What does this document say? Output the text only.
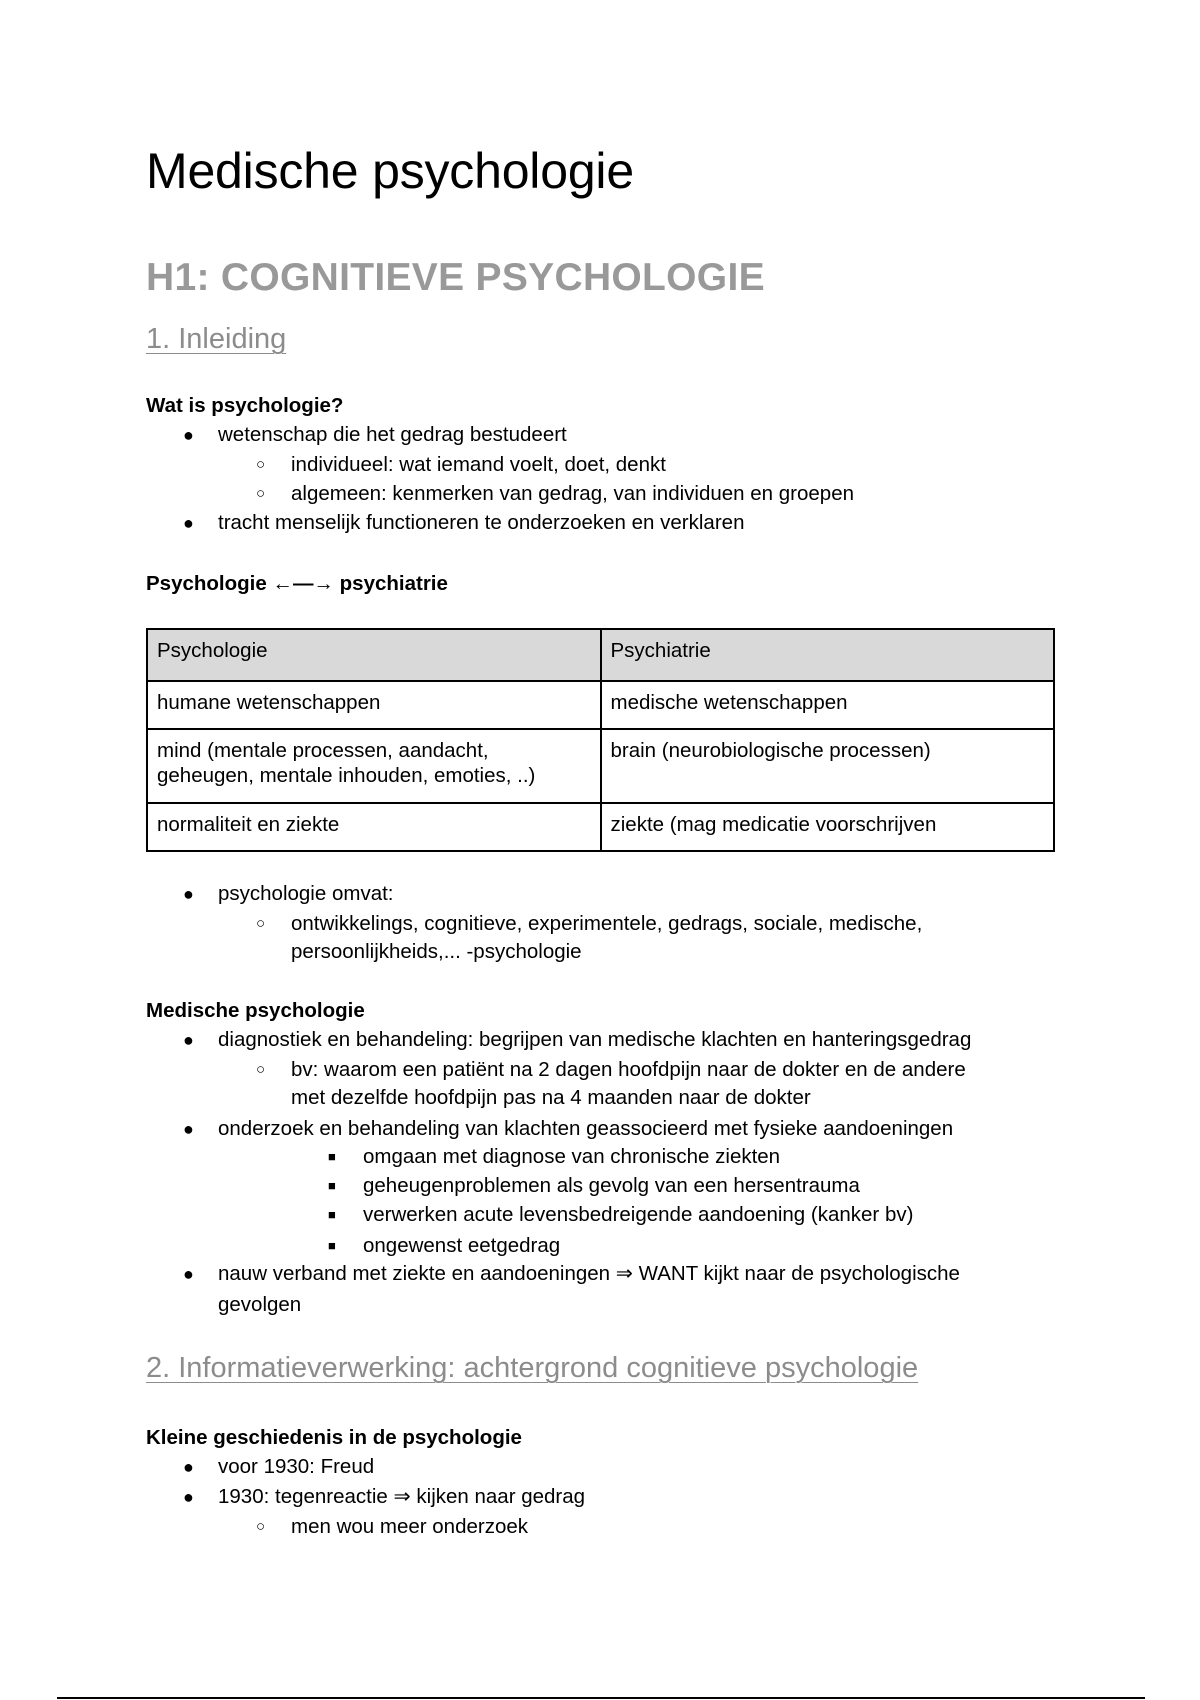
Medische psychologie
H1: COGNITIEVE PSYCHOLOGIE
1. Inleiding

Wat is psychologie?

● wetenschap die het gedrag bestudeert

○ individueel: wat iemand voelt, doet, denkt

○ algemeen: kenmerken van gedrag, van individuen en groepen

● tracht menselijk functioneren te onderzoeken en verklaren

Psychologie ←—→ psychiatrie

Psychologie	Psychiatrie
humane wetenschappen	medische wetenschappen
mind (mentale processen, aandacht, geheugen, mentale inhouden, emoties, ..)	brain (neurobiologische processen)
normaliteit en ziekte	ziekte (mag medicatie voorschrijven

● psychologie omvat:

○ ontwikkelings, cognitieve, experimentele, gedrags, sociale, medische,

persoonlijkheids,... -psychologie

Medische psychologie

● diagnostiek en behandeling: begrijpen van medische klachten en hanteringsgedrag

○ bv: waarom een patiënt na 2 dagen hoofdpijn naar de dokter en de andere

met dezelfde hoofdpijn pas na 4 maanden naar de dokter

● onderzoek en behandeling van klachten geassocieerd met fysieke aandoeningen

■ omgaan met diagnose van chronische ziekten

■ geheugenproblemen als gevolg van een hersentrauma

■ verwerken acute levensbedreigende aandoening (kanker bv)

■ ongewenst eetgedrag

● nauw verband met ziekte en aandoeningen ⇒ WANT kijkt naar de psychologische

gevolgen

2. Informatieverwerking: achtergrond cognitieve psychologie

Kleine geschiedenis in de psychologie

● voor 1930: Freud

● 1930: tegenreactie ⇒ kijken naar gedrag

○ men wou meer onderzoek
